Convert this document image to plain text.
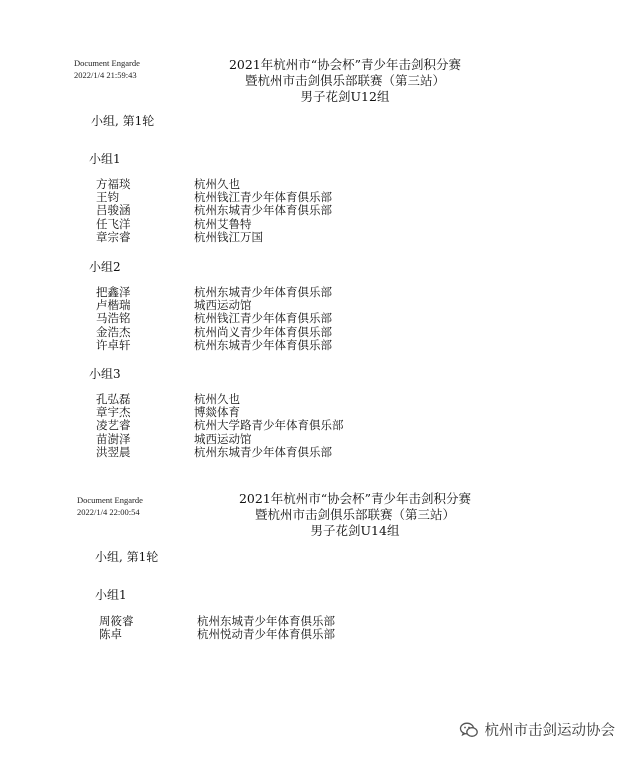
Document Engarde
2022/1/4 21:59:43
2021年杭州市“协会杯”青少年击剑积分赛
暨杭州市击剑俱乐部联赛（第三站）
男子花剑U12组
小组, 第1轮
小组1
方福琰	杭州久也
王钧	杭州钱江青少年体育俱乐部
吕骏涵	杭州东城青少年体育俱乐部
任飞洋	杭州艾鲁特
章宗睿	杭州钱江万国
小组2
把鑫泽	杭州东城青少年体育俱乐部
卢楷瑞	城西运动馆
马浩铭	杭州钱江青少年体育俱乐部
金浩杰	杭州尚义青少年体育俱乐部
许卓轩	杭州东城青少年体育俱乐部
小组3
孔弘磊	杭州久也
章宇杰	博燚体育
凌艺睿	杭州大学路青少年体育俱乐部
苗澍泽	城西运动馆
洪翌晨	杭州东城青少年体育俱乐部
Document Engarde
2022/1/4 22:00:54
2021年杭州市“协会杯”青少年击剑积分赛
暨杭州市击剑俱乐部联赛（第三站）
男子花剑U14组
小组, 第1轮
小组1
周筱睿	杭州东城青少年体育俱乐部
陈卓	杭州悦动青少年体育俱乐部
杭州市击剑运动协会
